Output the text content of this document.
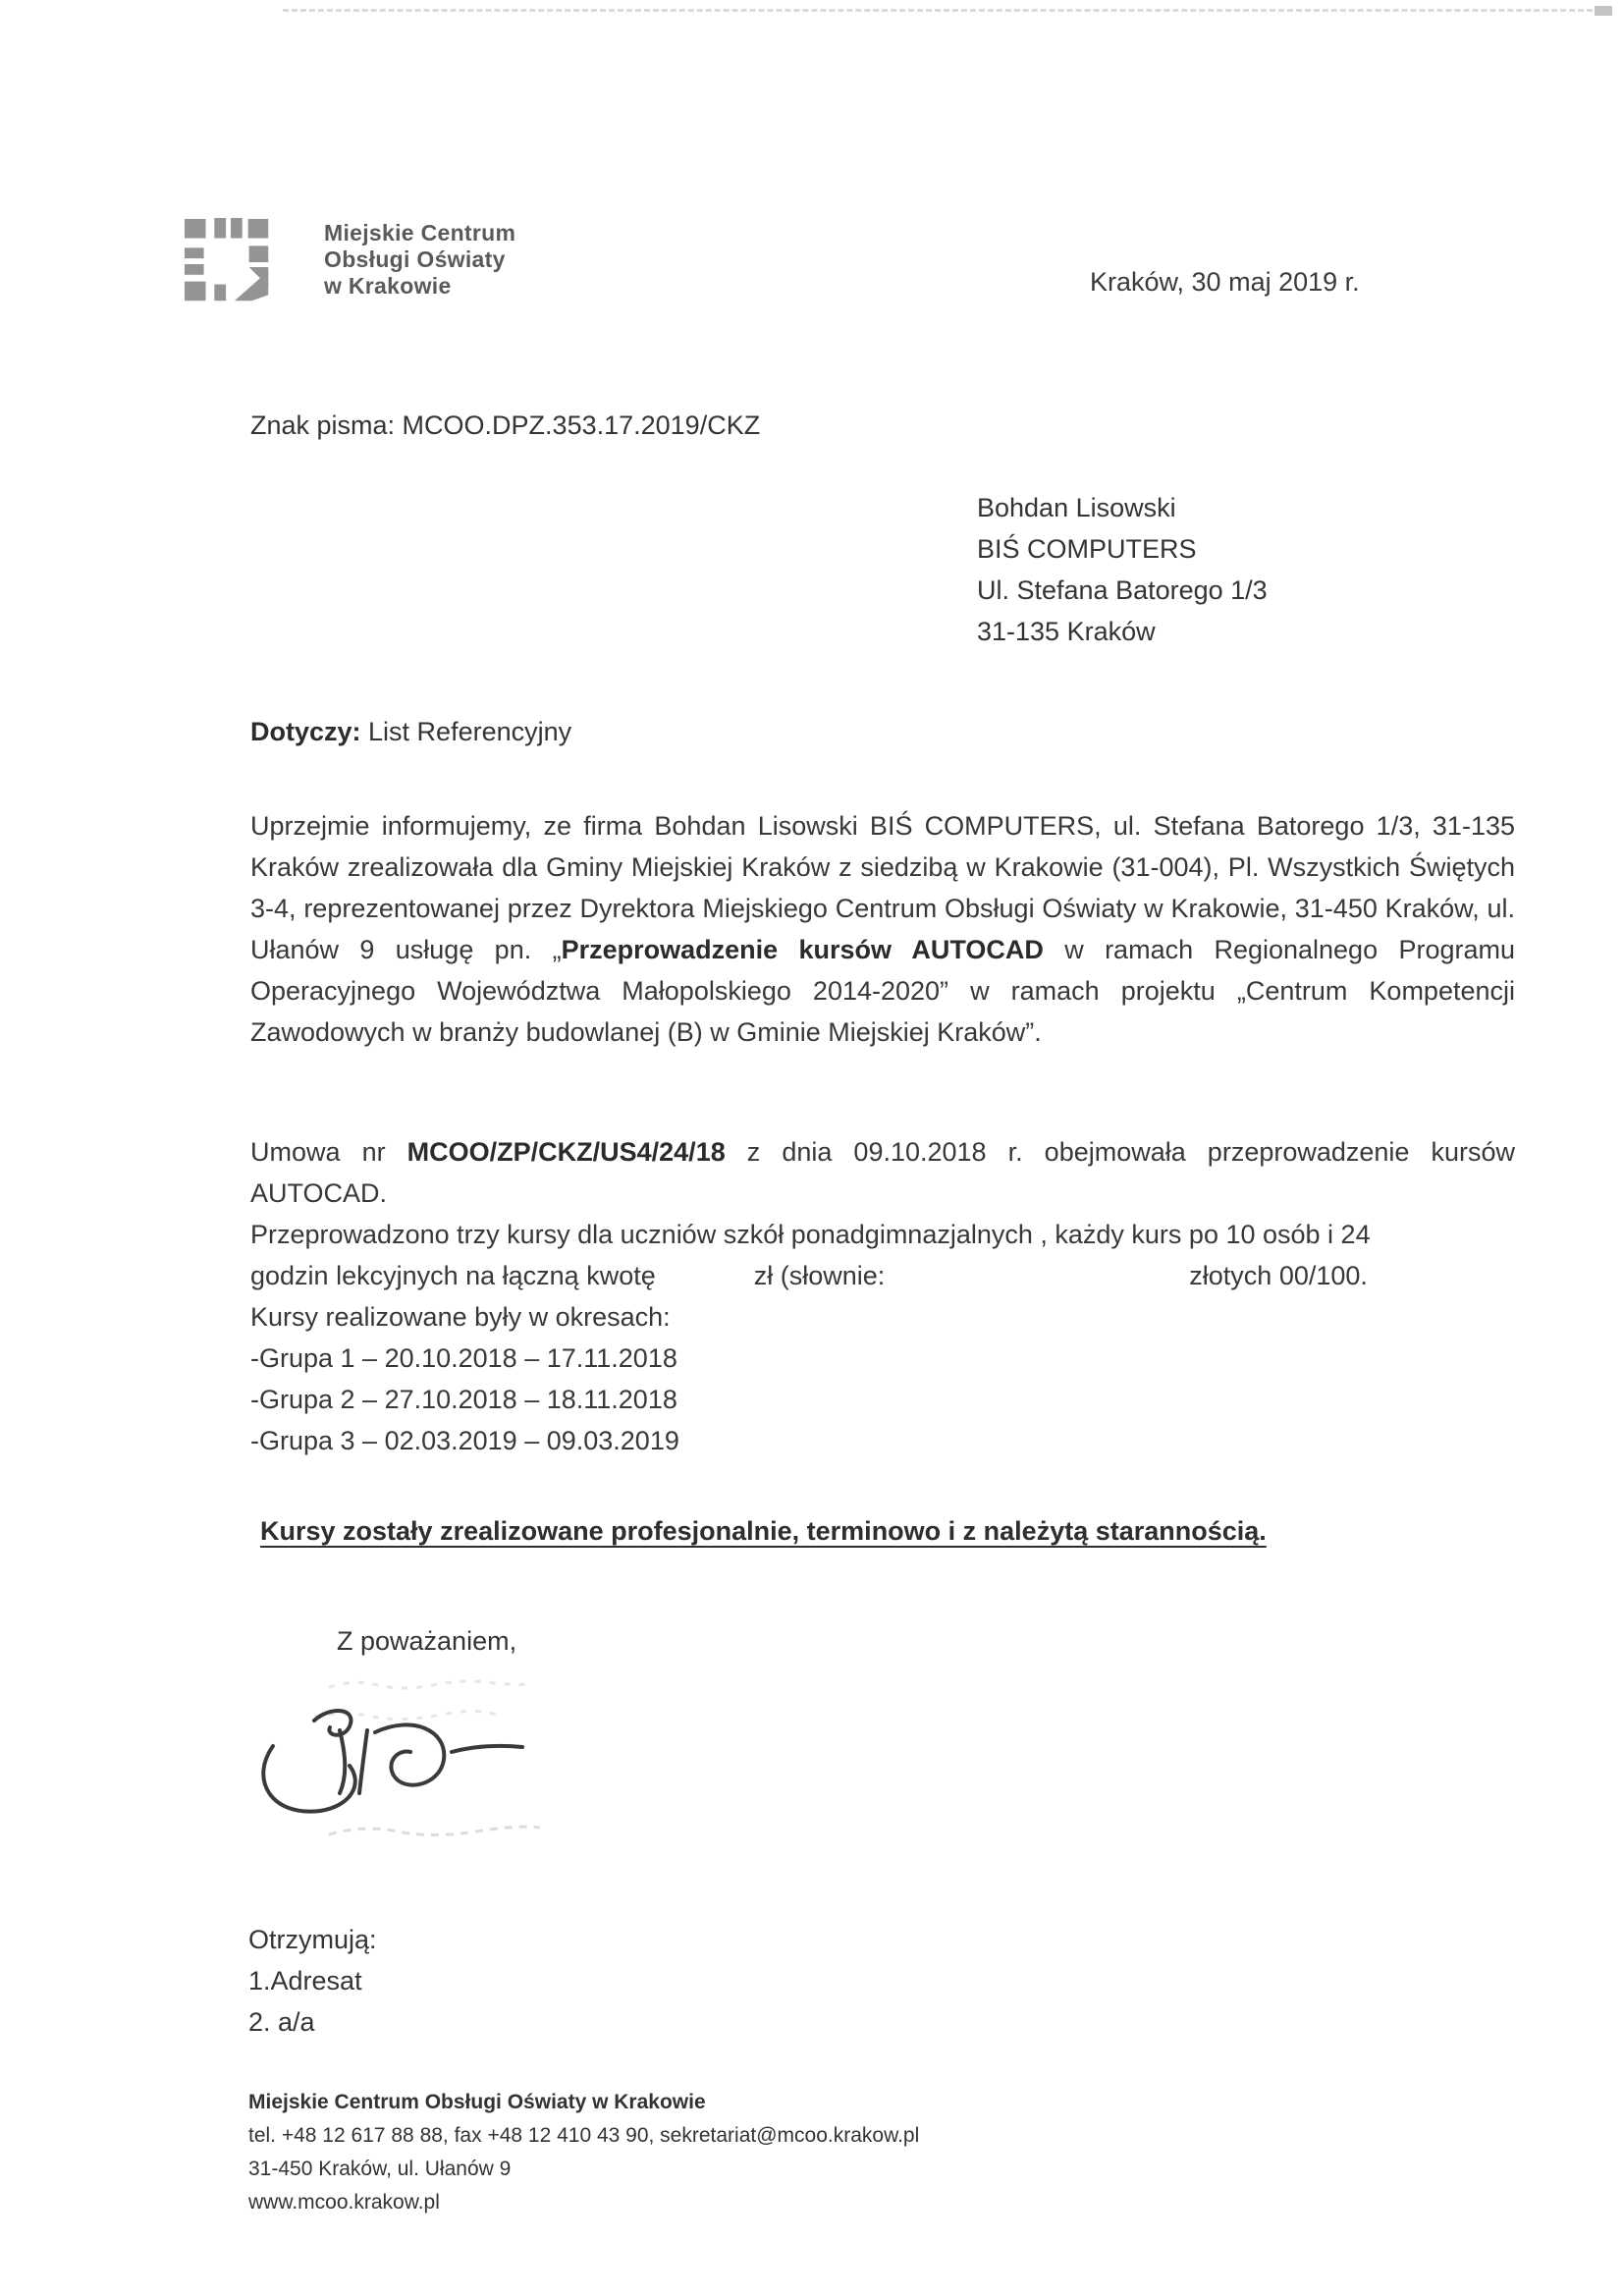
Miejskie Centrum
Obsługi Oświaty
w Krakowie	Kraków, 30 maj 2019 r.
Znak pisma: MCOO.DPZ.353.17.2019/CKZ
Bohdan Lisowski
BIŚ COMPUTERS
Ul. Stefana Batorego 1/3
31-135 Kraków
Dotyczy: List Referencyjny
Uprzejmie informujemy, ze firma Bohdan Lisowski BIŚ COMPUTERS, ul. Stefana Batorego 1/3, 31-135 Kraków zrealizowała dla Gminy Miejskiej Kraków z siedzibą w Krakowie (31-004), Pl. Wszystkich Świętych 3-4, reprezentowanej przez Dyrektora Miejskiego Centrum Obsługi Oświaty w Krakowie, 31-450 Kraków, ul. Ułanów 9 usługę pn. „Przeprowadzenie kursów AUTOCAD w ramach Regionalnego Programu Operacyjnego Województwa Małopolskiego 2014-2020” w ramach projektu „Centrum Kompetencji Zawodowych w branży budowlanej (B) w Gminie Miejskiej Kraków”.
Umowa nr MCOO/ZP/CKZ/US4/24/18 z dnia 09.10.2018 r. obejmowała przeprowadzenie kursów AUTOCAD.
Przeprowadzono trzy kursy dla uczniów szkół ponadgimnazjalnych , każdy kurs po 10 osób i 24
godzin lekcyjnych na łączną kwotę	zł (słownie:	złotych 00/100.
Kursy realizowane były w okresach:
-Grupa 1 – 20.10.2018 – 17.11.2018
-Grupa 2 – 27.10.2018 – 18.11.2018
-Grupa 3 – 02.03.2019 – 09.03.2019
Kursy zostały zrealizowane profesjonalnie, terminowo i z należytą starannością.
Z poważaniem,
Otrzymują:
1.Adresat
2. a/a
Miejskie Centrum Obsługi Oświaty w Krakowie
tel. +48 12 617 88 88, fax +48 12 410 43 90, sekretariat@mcoo.krakow.pl
31-450 Kraków, ul. Ułanów 9
www.mcoo.krakow.pl
